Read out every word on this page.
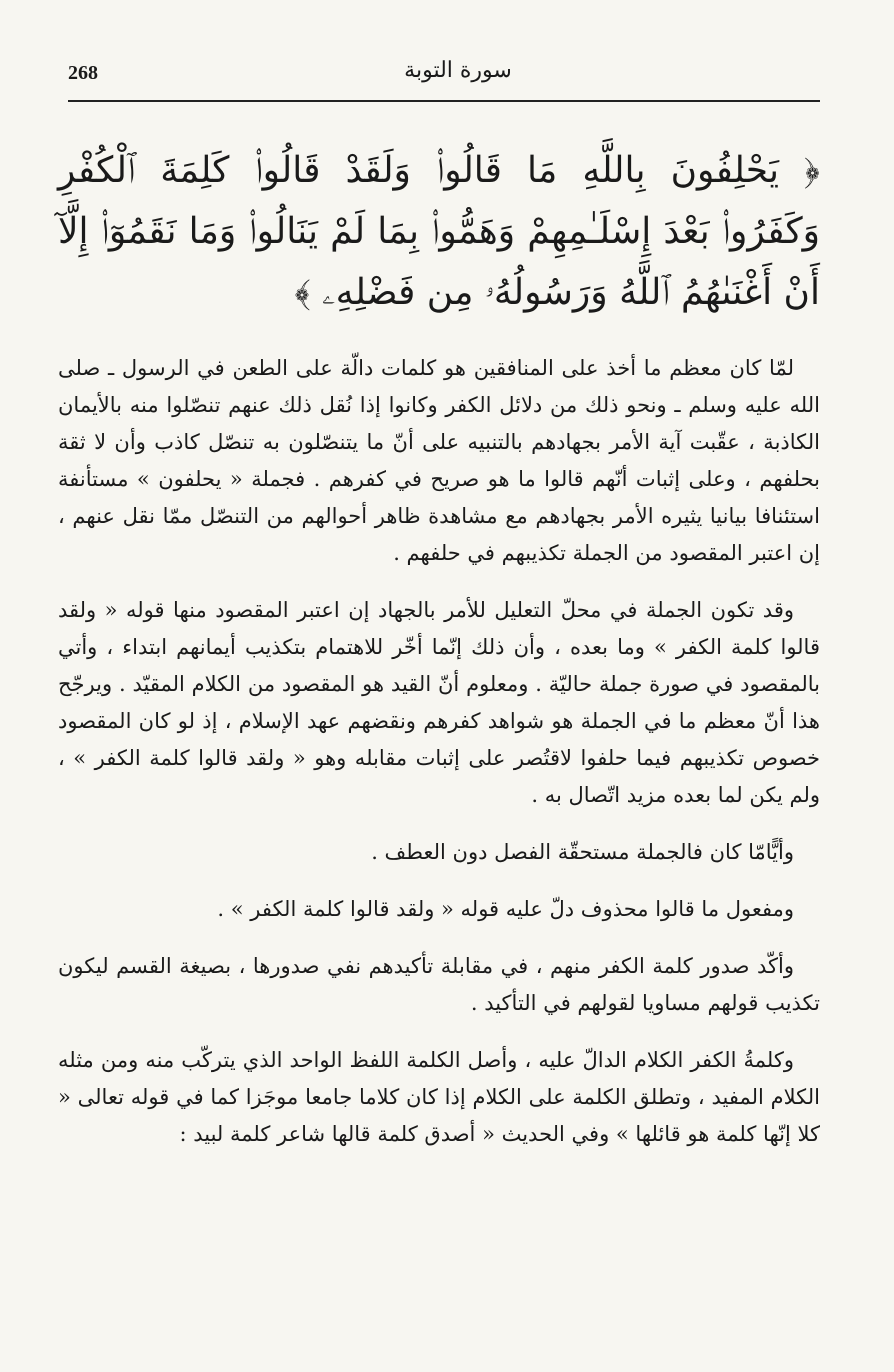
268	سورة التوبة
﴿ يَحْلِفُونَ بِاللَّهِ مَا قَالُوا۟ وَلَقَدْ قَالُوا۟ كَلِمَةَ ٱلْكُفْرِ وَكَفَرُوا۟ بَعْدَ إِسْلَـٰمِهِمْ وَهَمُّوا۟ بِمَا لَمْ يَنَالُوا۟ وَمَا نَقَمُوٓا۟ إِلَّآ أَنْ أَغْنَىٰهُمُ ٱللَّهُ وَرَسُولُهُۥ مِن فَضْلِهِۦ ﴾

لمّا كان معظم ما أخذ على المنافقين هو كلمات دالّة على الطعن في الرسول ـ صلى الله عليه وسلم ـ ونحو ذلك من دلائل الكفر وكانوا إذا نُقل ذلك عنهم تنصّلوا منه بالأيمان الكاذبة ، عقّبت آية الأمر بجهادهم بالتنبيه على أنّ ما يتنصّلون به تنصّل كاذب وأن لا ثقة بحلفهم ، وعلى إثبات أنّهم قالوا ما هو صريح في كفرهم . فجملة « يحلفون » مستأنفة استئنافا بيانيا يثيره الأمر بجهادهم مع مشاهدة ظاهر أحوالهم من التنصّل ممّا نقل عنهم ، إن اعتبر المقصود من الجملة تكذيبهم في حلفهم .

وقد تكون الجملة في محلّ التعليل للأمر بالجهاد إن اعتبر المقصود منها قوله « ولقد قالوا كلمة الكفر » وما بعده ، وأن ذلك إنّما أخّر للاهتمام بتكذيب أيمانهم ابتداء ، وأتي بالمقصود في صورة جملة حاليّة . ومعلوم أنّ القيد هو المقصود من الكلام المقيّد . ويرجّح هذا أنّ معظم ما في الجملة هو شواهد كفرهم ونقضهم عهد الإسلام ، إذ لو كان المقصود خصوص تكذيبهم فيما حلفوا لاقتُصر على إثبات مقابله وهو « ولقد قالوا كلمة الكفر » ، ولم يكن لما بعده مزيد اتّصال به .

وأيًّامّا كان فالجملة مستحقّة الفصل دون العطف .

ومفعول ما قالوا محذوف دلّ عليه قوله « ولقد قالوا كلمة الكفر » .

وأكّد صدور كلمة الكفر منهم ، في مقابلة تأكيدهم نفي صدورها ، بصيغة القسم ليكون تكذيب قولهم مساويا لقولهم في التأكيد .

وكلمةُ الكفر الكلام الدالّ عليه ، وأصل الكلمة اللفظ الواحد الذي يتركّب منه ومن مثله الكلام المفيد ، وتطلق الكلمة على الكلام إذا كان كلاما جامعا موجَزا كما في قوله تعالى « كلا إنّها كلمة هو قائلها » وفي الحديث « أصدق كلمة قالها شاعر كلمة لبيد :
